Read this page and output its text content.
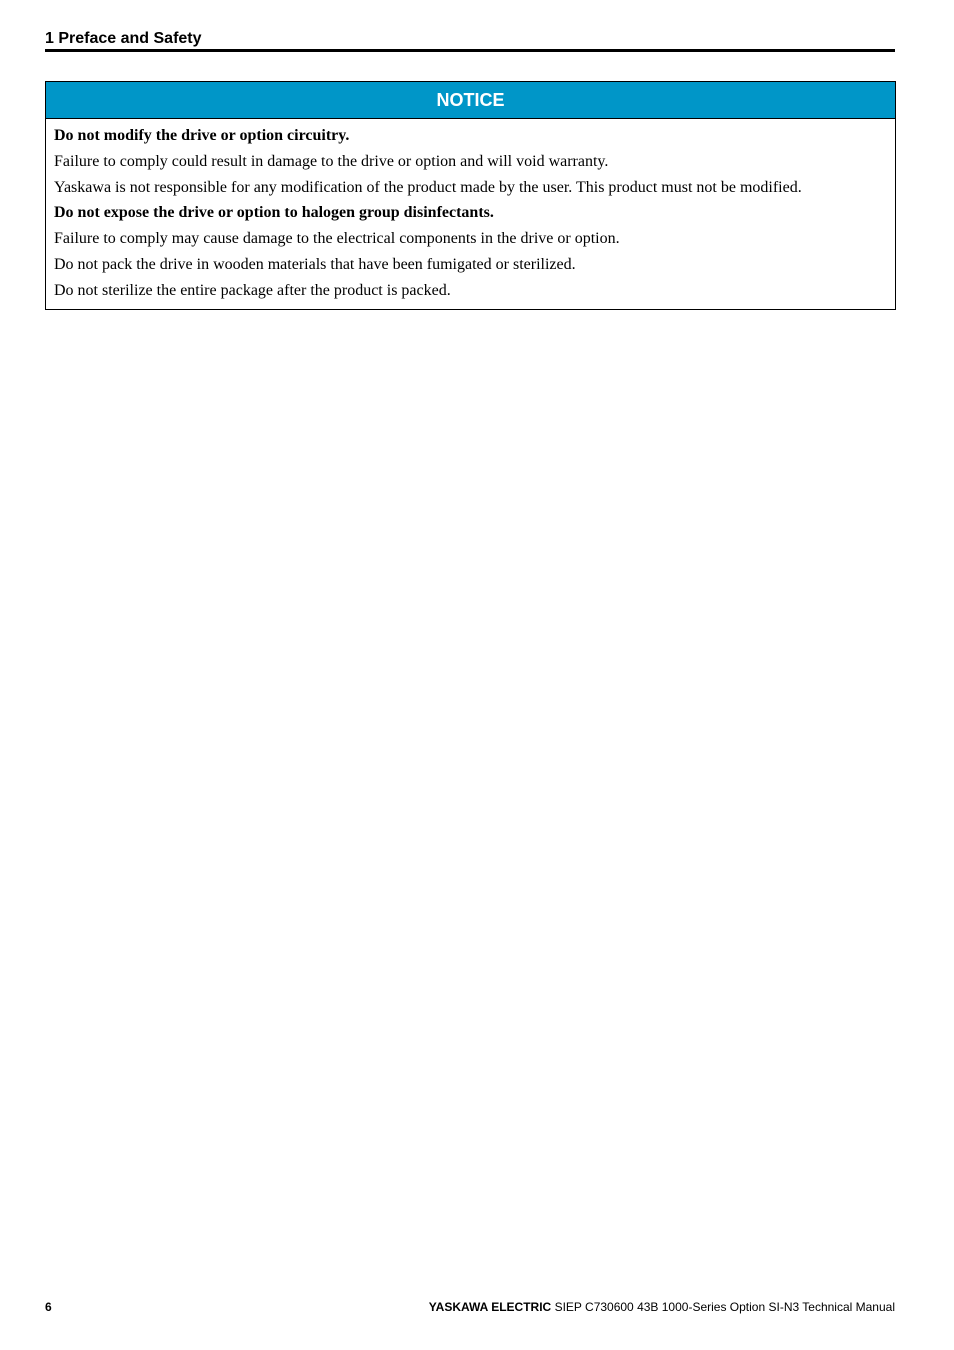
1 Preface and Safety
NOTICE
Do not modify the drive or option circuitry.
Failure to comply could result in damage to the drive or option and will void warranty.
Yaskawa is not responsible for any modification of the product made by the user. This product must not be modified.
Do not expose the drive or option to halogen group disinfectants.
Failure to comply may cause damage to the electrical components in the drive or option.
Do not pack the drive in wooden materials that have been fumigated or sterilized.
Do not sterilize the entire package after the product is packed.
6	YASKAWA ELECTRIC SIEP C730600 43B 1000-Series Option SI-N3 Technical Manual
